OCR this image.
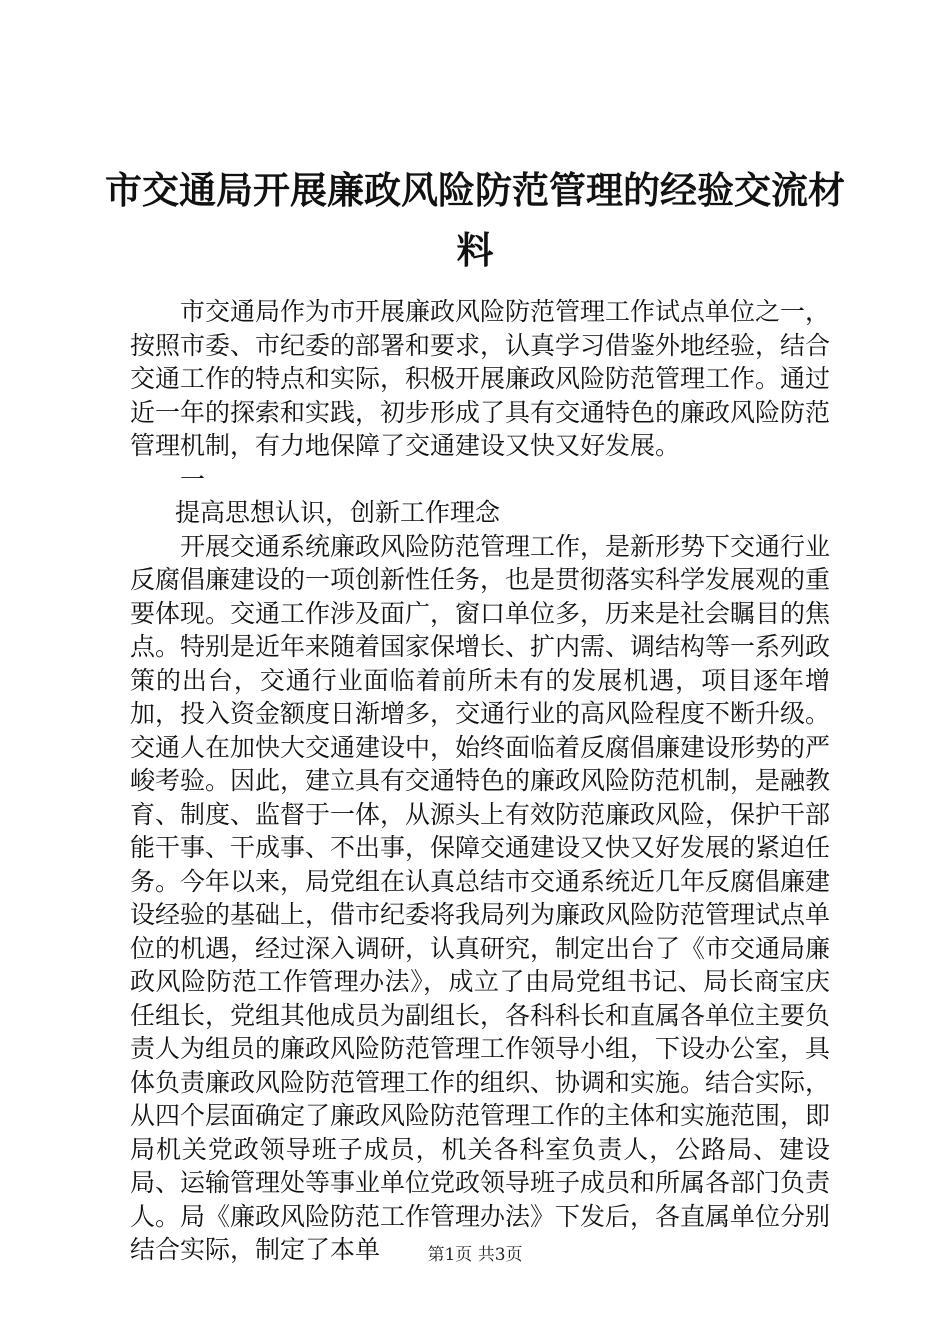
市交通局开展廉政风险防范管理的经验交流材料

市交通局作为市开展廉政风险防范管理工作试点单位之一，按照市委、市纪委的部署和要求，认真学习借鉴外地经验，结合交通工作的特点和实际，积极开展廉政风险防范管理工作。通过近一年的探索和实践，初步形成了具有交通特色的廉政风险防范管理机制，有力地保障了交通建设又快又好发展。

一

提高思想认识，创新工作理念

开展交通系统廉政风险防范管理工作，是新形势下交通行业反腐倡廉建设的一项创新性任务，也是贯彻落实科学发展观的重要体现。交通工作涉及面广，窗口单位多，历来是社会瞩目的焦点。特别是近年来随着国家保增长、扩内需、调结构等一系列政策的出台，交通行业面临着前所未有的发展机遇，项目逐年增加，投入资金额度日渐增多，交通行业的高风险程度不断升级。交通人在加快大交通建设中，始终面临着反腐倡廉建设形势的严峻考验。因此，建立具有交通特色的廉政风险防范机制，是融教育、制度、监督于一体，从源头上有效防范廉政风险，保护干部能干事、干成事、不出事，保障交通建设又快又好发展的紧迫任务。今年以来，局党组在认真总结市交通系统近几年反腐倡廉建设经验的基础上，借市纪委将我局列为廉政风险防范管理试点单位的机遇，经过深入调研，认真研究，制定出台了《市交通局廉政风险防范工作管理办法》，成立了由局党组书记、局长商宝庆任组长，党组其他成员为副组长，各科科长和直属各单位主要负责人为组员的廉政风险防范管理工作领导小组，下设办公室，具体负责廉政风险防范管理工作的组织、协调和实施。结合实际，从四个层面确定了廉政风险防范管理工作的主体和实施范围，即局机关党政领导班子成员，机关各科室负责人，公路局、建设局、运输管理处等事业单位党政领导班子成员和所属各部门负责人。局《廉政风险防范工作管理办法》下发后，各直属单位分别结合实际，制定了本单	第1页 共3页
